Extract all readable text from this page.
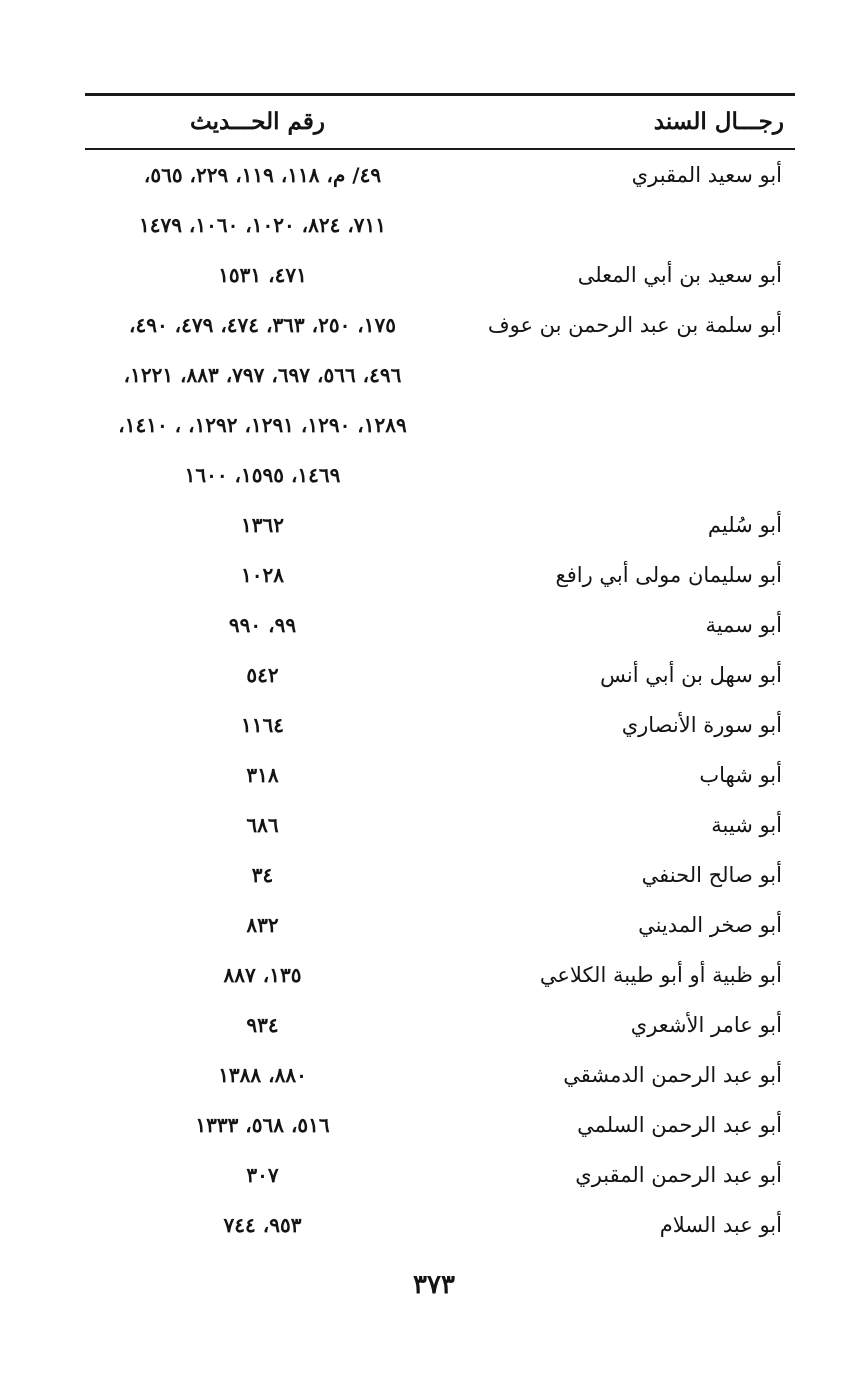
رجـــال السند
رقم الحـــديث
أبو سعيد المقبري
٤٩/ م، ١١٨، ١١٩، ٢٢٩، ٥٦٥،
٧١١، ٨٢٤، ١٠٢٠، ١٠٦٠، ١٤٧٩
أبو سعيد بن أبي المعلى
٤٧١، ١٥٣١
أبو سلمة بن عبد الرحمن بن عوف
١٧٥، ٢٥٠، ٣٦٣، ٤٧٤، ٤٧٩، ٤٩٠،
٤٩٦، ٥٦٦، ٦٩٧، ٧٩٧، ٨٨٣، ١٢٢١،
١٢٨٩، ١٢٩٠، ١٢٩١، ١٢٩٢، ، ١٤١٠،
١٤٦٩، ١٥٩٥، ١٦٠٠
أبو سُليم
١٣٦٢
أبو سليمان مولى أبي رافع
١٠٢٨
أبو سمية
٩٩، ٩٩٠
أبو سهل بن أبي أنس
٥٤٢
أبو سورة الأنصاري
١١٦٤
أبو شهاب
٣١٨
أبو شيبة
٦٨٦
أبو صالح الحنفي
٣٤
أبو صخر المديني
٨٣٢
أبو ظبية أو أبو طيبة الكلاعي
١٣٥، ٨٨٧
أبو عامر الأشعري
٩٣٤
أبو عبد الرحمن الدمشقي
٨٨٠، ١٣٨٨
أبو عبد الرحمن السلمي
٥١٦، ٥٦٨، ١٣٣٣
أبو عبد الرحمن المقبري
٣٠٧
أبو عبد السلام
٩٥٣، ٧٤٤
٣٧٣
